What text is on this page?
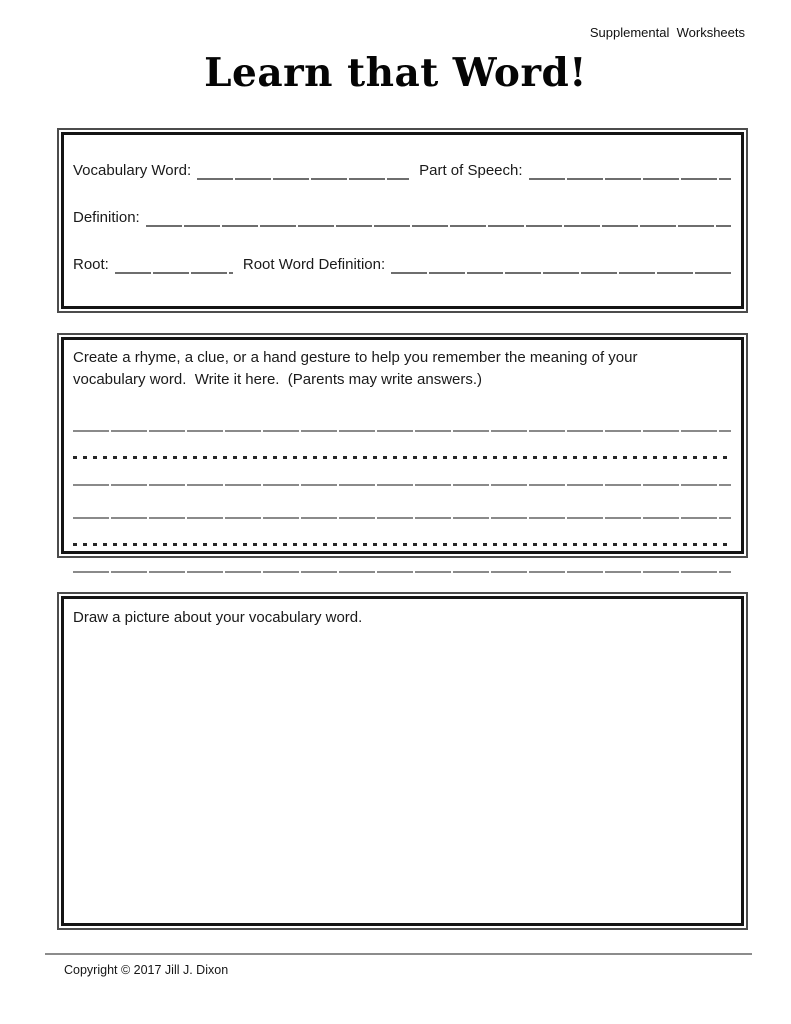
Supplemental  Worksheets
Learn that Word!
Vocabulary Word:	Part of Speech:
Definition:
Root:	Root Word Definition:

Create a rhyme, a clue, or a hand gesture to help you remember the meaning of your vocabulary word.  Write it here.  (Parents may write answers.)

Draw a picture about your vocabulary word.

Copyright © 2017 Jill J. Dixon
